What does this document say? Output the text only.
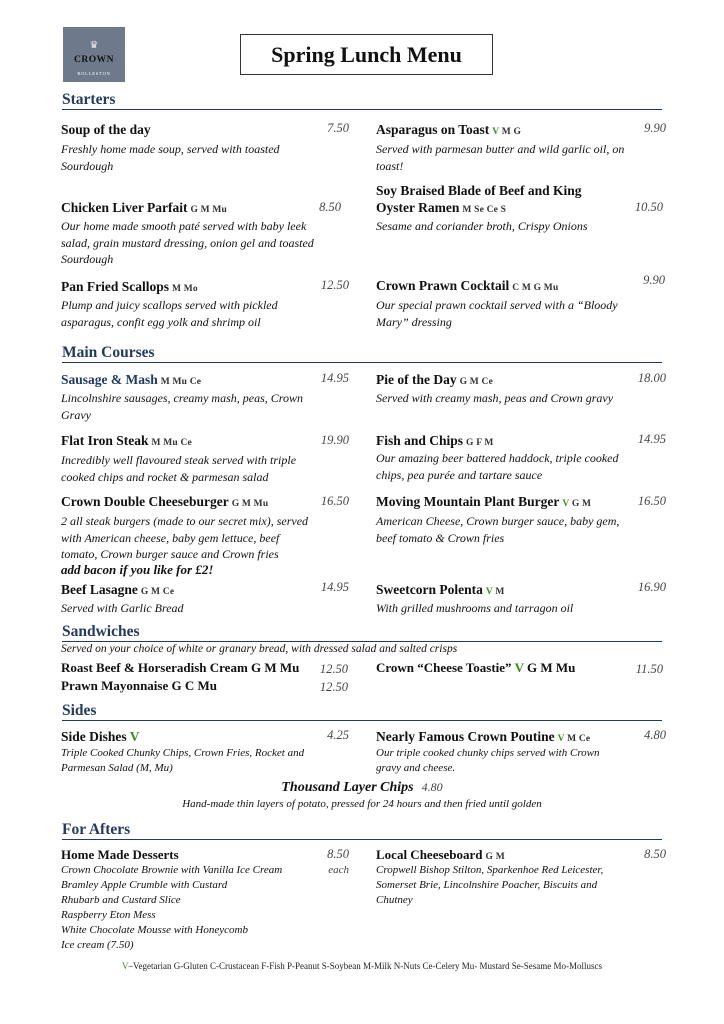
♛
CROWN
ROLLESTON
Spring Lunch Menu
Starters
Soup of the day	7.50
Freshly home made soup, served with toasted Sourdough
Asparagus on Toast V M G	9.90
Served with parmesan butter and wild garlic oil, on toast!
Chicken Liver Parfait G M Mu	8.50
Our home made smooth paté served with baby leek salad, grain mustard dressing, onion gel and toasted Sourdough
Soy Braised Blade of Beef and King
Oyster Ramen M Se Ce S	10.50
Sesame and coriander broth, Crispy Onions
Pan Fried Scallops M Mo	12.50
Plump and juicy scallops served with pickled asparagus, confit egg yolk and shrimp oil
Crown Prawn Cocktail C M G Mu
9.90
Our special prawn cocktail served with a “Bloody Mary” dressing
Main Courses
Sausage & Mash M Mu Ce	14.95
Lincolnshire sausages, creamy mash, peas, Crown Gravy
Pie of the Day G M Ce	18.00
Served with creamy mash, peas and Crown gravy
Flat Iron Steak M Mu Ce	19.90
Incredibly well flavoured steak served with triple cooked chips and rocket & parmesan salad
Fish and Chips G F M	14.95
Our amazing beer battered haddock, triple cooked chips, pea purée and tartare sauce
Crown Double Cheeseburger G M Mu	16.50
2 all steak burgers (made to our secret mix), served with American cheese, baby gem lettuce, beef tomato, Crown burger sauce and Crown fries
add bacon if you like for £2!
Moving Mountain Plant Burger V G M	16.50
American Cheese, Crown burger sauce, baby gem, beef tomato & Crown fries
Beef Lasagne G M Ce	14.95
Served with Garlic Bread
Sweetcorn Polenta V M	16.90
With grilled mushrooms and tarragon oil
Sandwiches
Served on your choice of white or granary bread, with dressed salad and salted crisps
Roast Beef & Horseradish Cream G M Mu	12.50
Prawn Mayonnaise G C Mu	12.50
Crown “Cheese Toastie” V G M Mu	11.50
Sides
Side Dishes V	4.25
Triple Cooked Chunky Chips, Crown Fries, Rocket and Parmesan Salad (M, Mu)
Nearly Famous Crown Poutine V M Ce	4.80
Our triple cooked chunky chips served with Crown gravy and cheese.
Thousand Layer Chips 4.80
Hand-made thin layers of potato, pressed for 24 hours and then fried until golden
For Afters
Home Made Desserts	8.50
each
Crown Chocolate Brownie with Vanilla Ice Cream
Bramley Apple Crumble with Custard
Rhubarb and Custard Slice
Raspberry Eton Mess
White Chocolate Mousse with Honeycomb
Ice cream (7.50)
Local Cheeseboard G M	8.50
Cropwell Bishop Stilton, Sparkenhoe Red Leicester, Somerset Brie, Lincolnshire Poacher, Biscuits and Chutney
V–Vegetarian G-Gluten C-Crustacean F-Fish P-Peanut S-Soybean M-Milk N-Nuts Ce-Celery Mu- Mustard Se-Sesame Mo-Molluscs
